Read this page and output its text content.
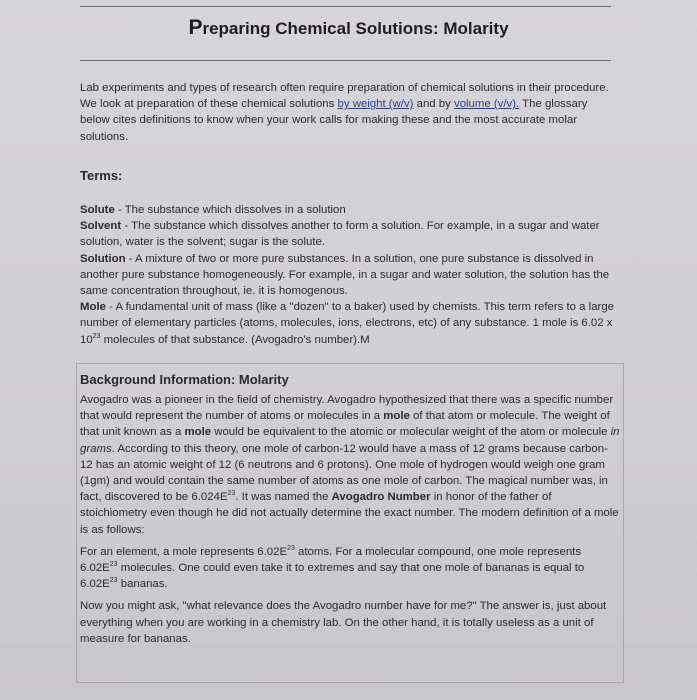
Preparing Chemical Solutions: Molarity

Lab experiments and types of research often require preparation of chemical solutions in their procedure. We look at preparation of these chemical solutions by weight (w/v) and by volume (v/v). The glossary below cites definitions to know when your work calls for making these and the most accurate molar solutions.

Terms:

Solute - The substance which dissolves in a solution

Solvent - The substance which dissolves another to form a solution. For example, in a sugar and water solution, water is the solvent; sugar is the solute.

Solution - A mixture of two or more pure substances. In a solution, one pure substance is dissolved in another pure substance homogeneously. For example, in a sugar and water solution, the solution has the same concentration throughout, ie. it is homogenous.

Mole - A fundamental unit of mass (like a "dozen" to a baker) used by chemists. This term refers to a large number of elementary particles (atoms, molecules, ions, electrons, etc) of any substance. 1 mole is 6.02 x $10^{23}$ molecules of that substance. (Avogadro's number).M

Background Information: Molarity

Avogadro was a pioneer in the field of chemistry. Avogadro hypothesized that there was a specific number that would represent the number of atoms or molecules in a mole of that atom or molecule. The weight of that unit known as a mole would be equivalent to the atomic or molecular weight of the atom or molecule in grams. According to this theory, one mole of carbon-12 would have a mass of 12 grams because carbon-12 has an atomic weight of 12 (6 neutrons and 6 protons). One mole of hydrogen would weigh one gram (1gm) and would contain the same number of atoms as one mole of carbon. The magical number was, in fact, discovered to be $6.024E^{23}$. It was named the Avogadro Number in honor of the father of stoichiometry even though he did not actually determine the exact number. The modern definition of a mole is as follows:

For an element, a mole represents $6.02E^{23}$ atoms. For a molecular compound, one mole represents $6.02E^{23}$ molecules. One could even take it to extremes and say that one mole of bananas is equal to $6.02E^{23}$ bananas.

Now you might ask, "what relevance does the Avogadro number have for me?" The answer is, just about everything when you are working in a chemistry lab. On the other hand, it is totally useless as a unit of measure for bananas.
